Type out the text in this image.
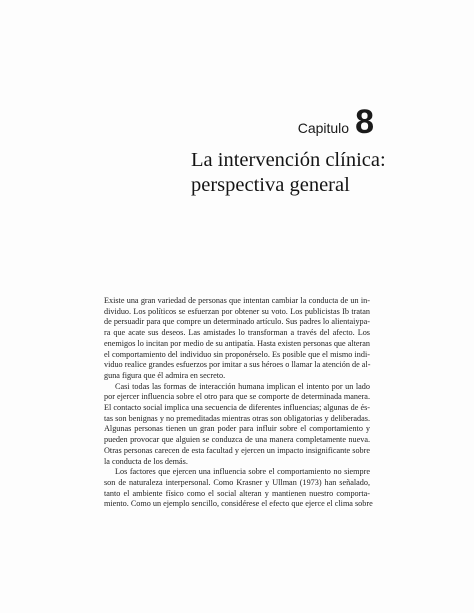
Capitulo 8
La intervención clínica:
perspectiva general
Existe una gran variedad de personas que intentan cambiar la conducta de un in-
dividuo. Los políticos se esfuerzan por obtener su voto. Los publicistas Ib tratan
de persuadir para que compre un determinado artículo. Sus padres lo alientaiypa-
ra que acate sus deseos. Las amistades lo transforman a través del afecto. Los
enemigos lo incitan por medio de su antipatía. Hasta existen personas que alteran
el comportamiento del individuo sin proponérselo. Es posible que el mismo indi-
viduo realice grandes esfuerzos por imitar a sus héroes o llamar la atención de al-
guna figura que él admira en secreto.
Casi todas las formas de interacción humana implican el intento por un lado
por ejercer influencia sobre el otro para que se comporte de determinada manera.
El contacto social implica una secuencia de diferentes influencias; algunas de és-
tas son benignas y no premeditadas mientras otras son obligatorias y deliberadas.
Algunas personas tienen un gran poder para influir sobre el comportamiento y
pueden provocar que alguien se conduzca de una manera completamente nueva.
Otras personas carecen de esta facultad y ejercen un impacto insignificante sobre
la conducta de los demás.
Los factores que ejercen una influencia sobre el comportamiento no siempre
son de naturaleza interpersonal. Como Krasner y Ullman (1973) han señalado,
tanto el ambiente físico como el social alteran y mantienen nuestro comporta-
miento. Como un ejemplo sencillo, considérese el efecto que ejerce el clima sobre
